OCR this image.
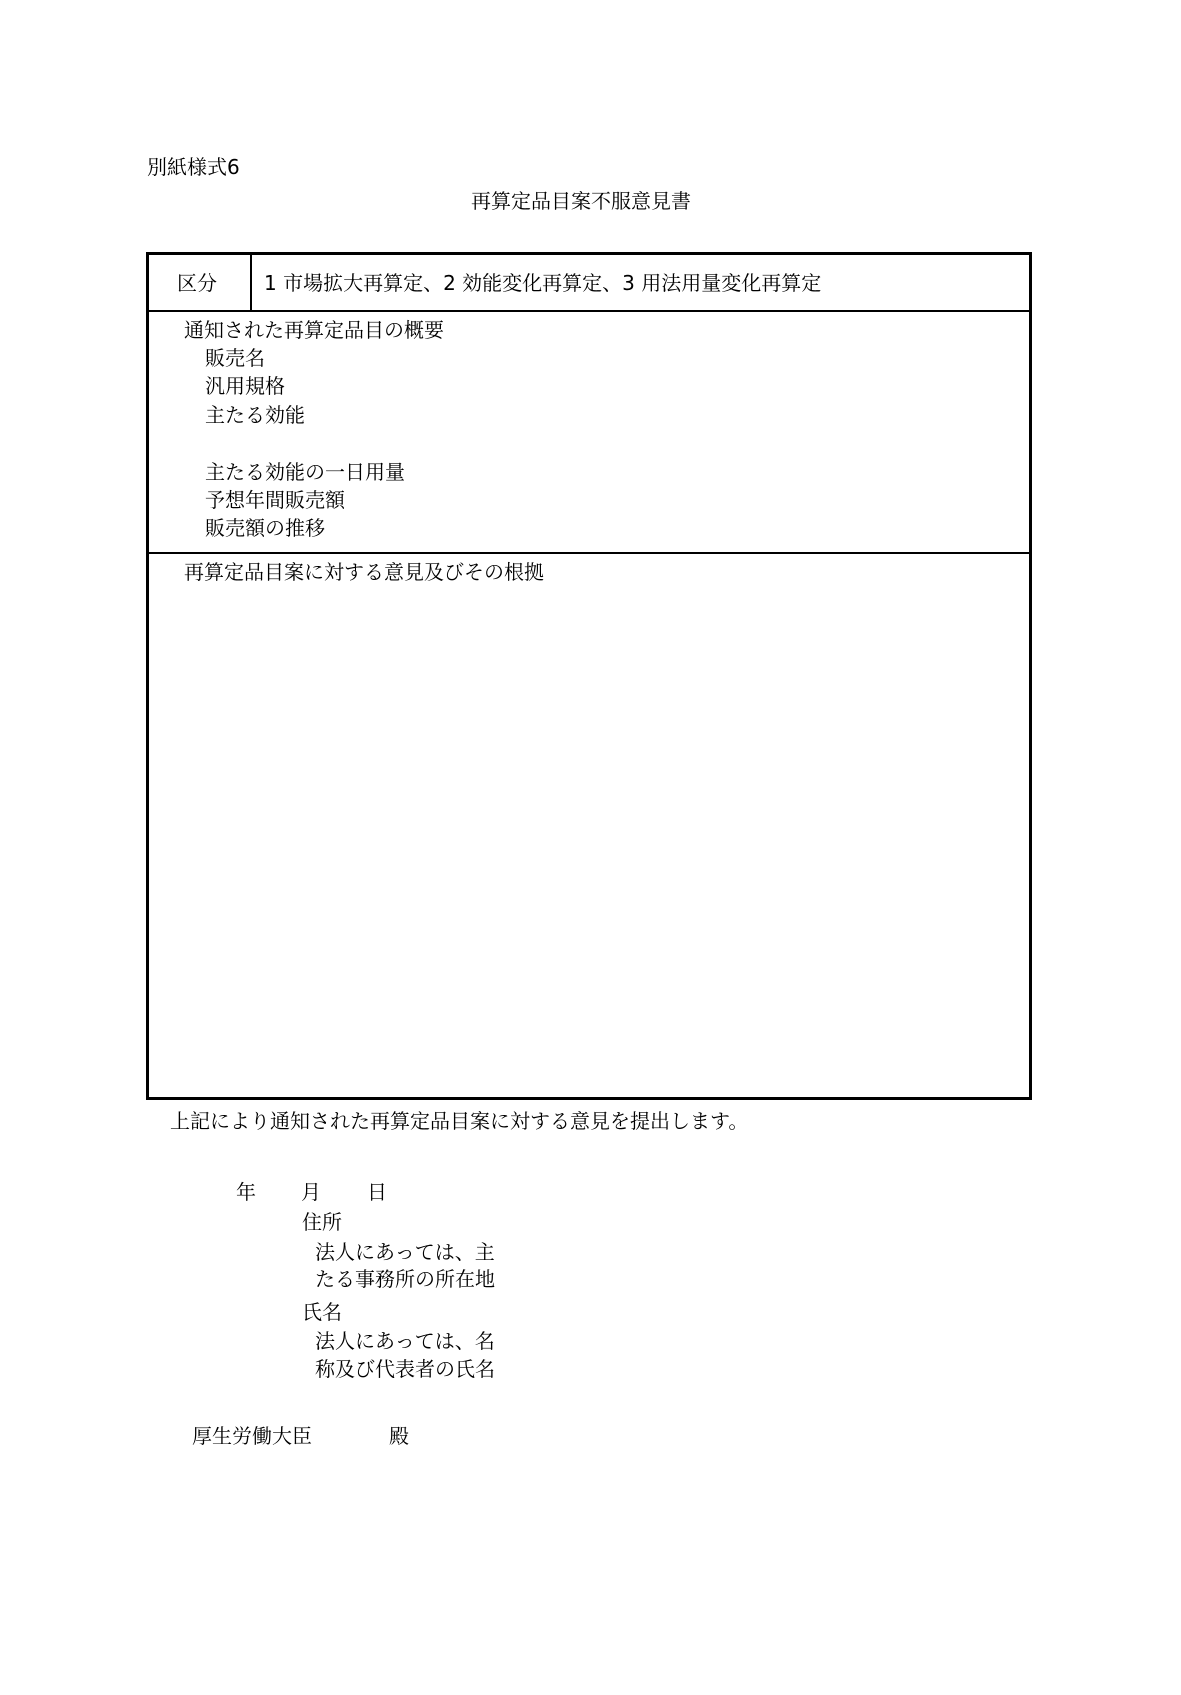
別紙様式6
再算定品目案不服意見書
区分 1 市場拡大再算定、2 効能変化再算定、3 用法用量変化再算定
通知された再算定品目の概要
販売名
汎用規格
主たる効能
主たる効能の一日用量
予想年間販売額
販売額の推移
再算定品目案に対する意見及びその根拠
上記により通知された再算定品目案に対する意見を提出します。
年 月 日
住所
法人にあっては、主
たる事務所の所在地
氏名
法人にあっては、名
称及び代表者の氏名
厚生労働大臣	殿
